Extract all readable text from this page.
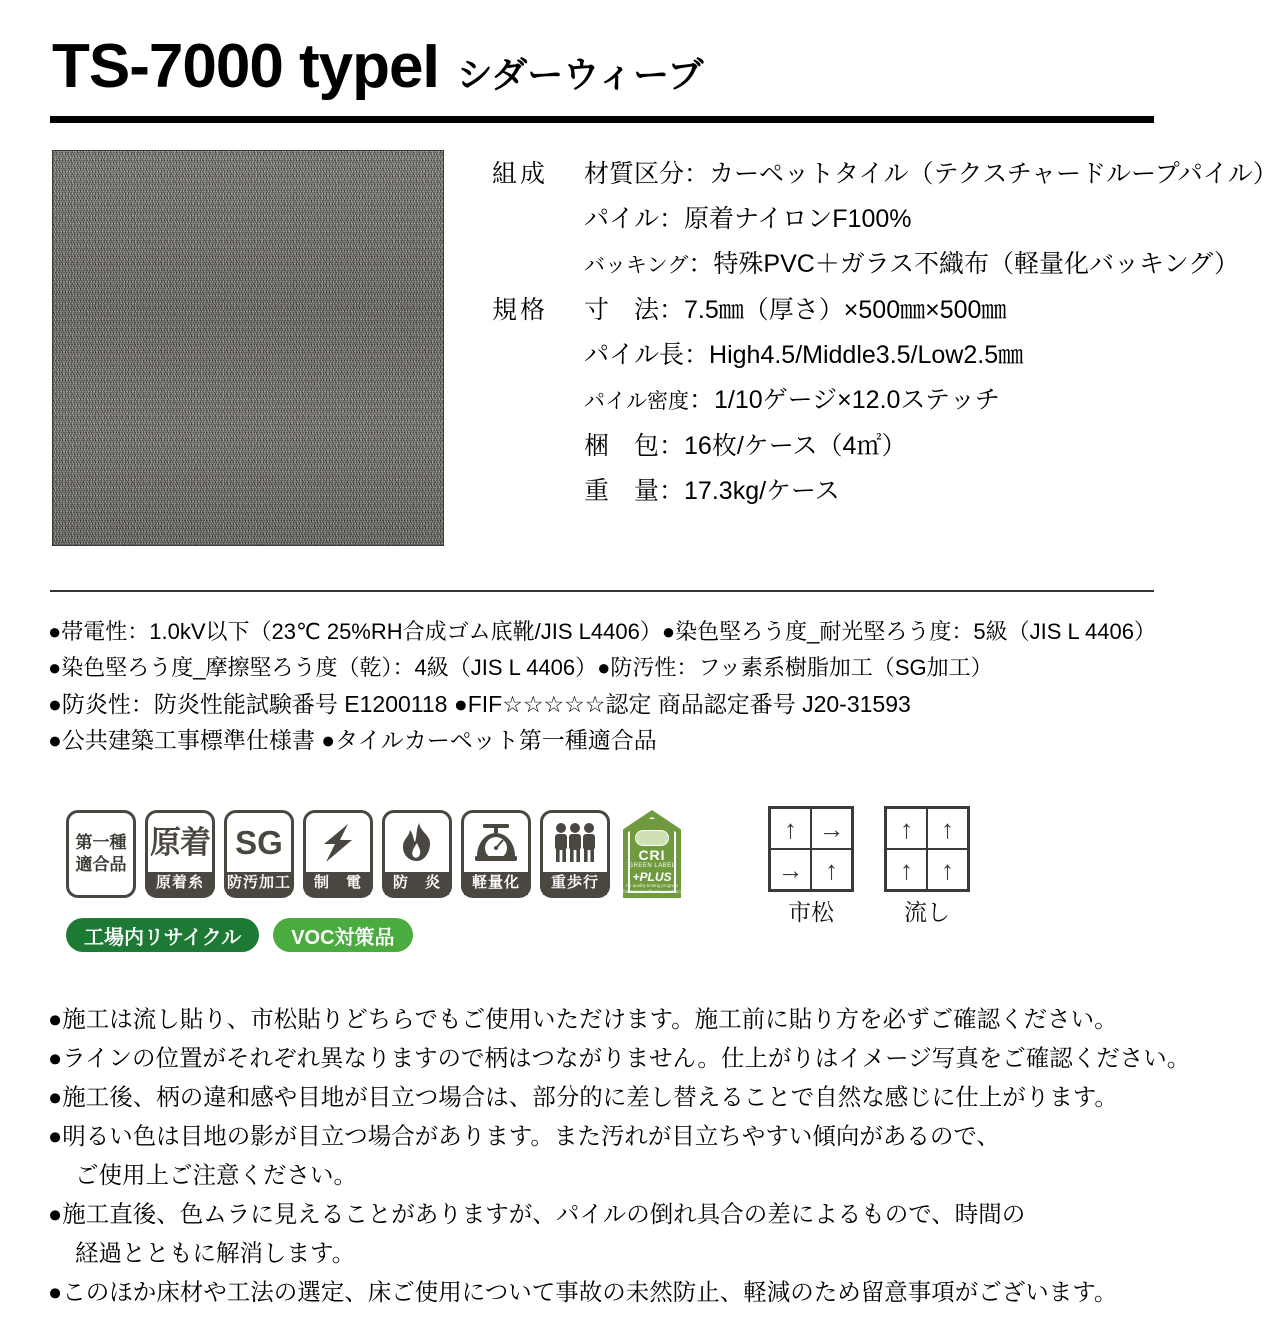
TS-7000 typeI シダーウィーブ
組成	材質区分 ： カーペットタイル（テクスチャードループパイル）
パイル ： 原着ナイロンF100%
バッキング ： 特殊PVC＋ガラス不織布（軽量化バッキング）
規格	寸　法 ： 7.5㎜（厚さ）×500㎜×500㎜
パイル長 ： High4.5/Middle3.5/Low2.5㎜
パイル密度 ： 1/10ゲージ×12.0ステッチ
梱　包 ： 16枚/ケース（4㎡）
重　量 ： 17.3kg/ケース
●帯電性：1.0kV以下（23℃ 25%RH合成ゴム底靴/JIS L4406）●染色堅ろう度_耐光堅ろう度：5級（JIS L 4406）
●染色堅ろう度_摩擦堅ろう度（乾）：4級（JIS L 4406）●防汚性：フッ素系樹脂加工（SG加工）
●防炎性：防炎性能試験番号 E1200118 ●FIF☆☆☆☆☆認定 商品認定番号 J20-31593
●公共建築工事標準仕様書 ●タイルカーペット第一種適合品
第一種
適合品
原着
原着糸
SG
防汚加工	制　電	防　炎	軽量化	重歩行
CRI
GREEN LABEL
+PLUS
Air quality testing program for carpet, adhesive, cushion
↑ →
→ ↑
市松
↑	↑
↑	↑
流し
工場内リサイクル	VOC対策品
●施工は流し貼り、市松貼りどちらでもご使用いただけます。施工前に貼り方を必ずご確認ください。
●ラインの位置がそれぞれ異なりますので柄はつながりません。仕上がりはイメージ写真をご確認ください。
●施工後、柄の違和感や目地が目立つ場合は、部分的に差し替えることで自然な感じに仕上がります。
●明るい色は目地の影が目立つ場合があります。また汚れが目立ちやすい傾向があるので、
ご使用上ご注意ください。
●施工直後、色ムラに見えることがありますが、パイルの倒れ具合の差によるもので、時間の
経過とともに解消します。
●このほか床材や工法の選定、床ご使用について事故の未然防止、軽減のため留意事項がございます。
